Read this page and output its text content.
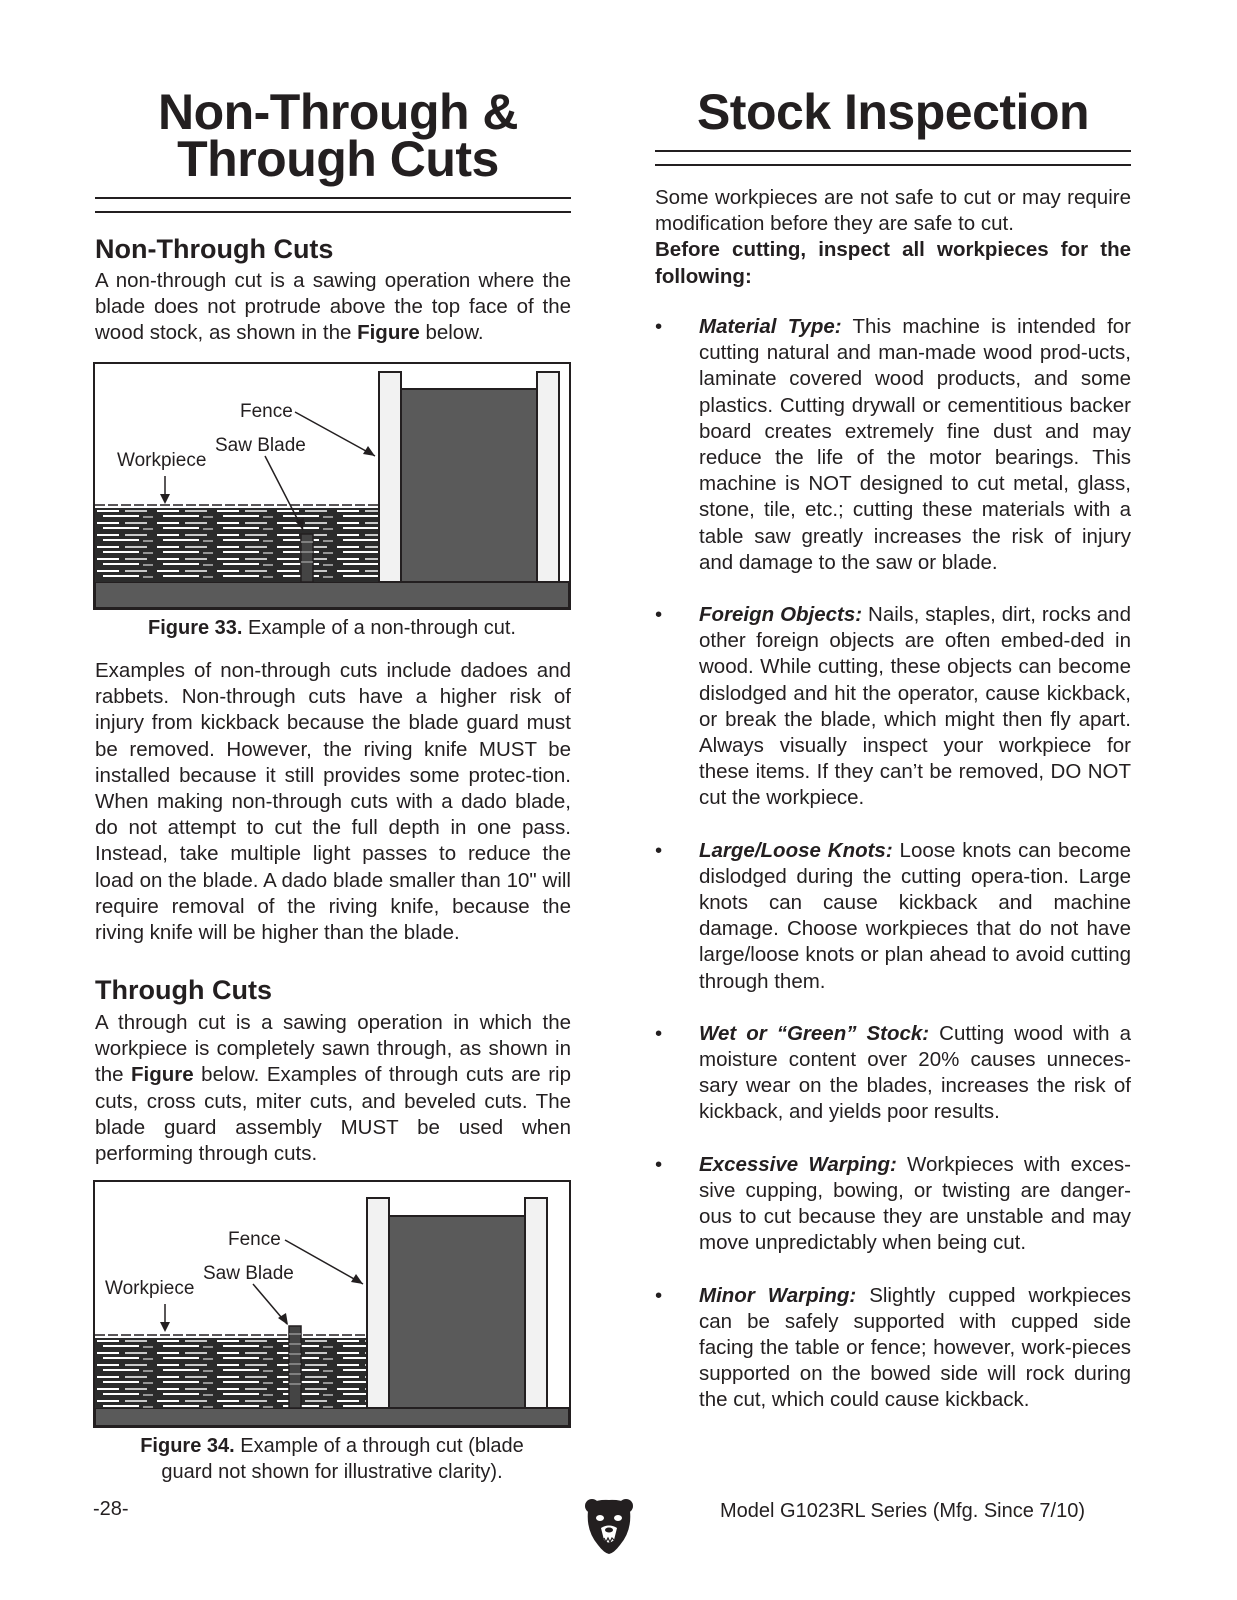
Non-Through &
Through Cuts
Non-Through Cuts

A non-through cut is a sawing operation where the blade does not protrude above the top face of the wood stock, as shown in the Figure below.

Fence
Saw Blade
Workpiece

Figure 33. Example of a non-through cut.

Examples of non-through cuts include dadoes and rabbets. Non-through cuts have a higher risk of injury from kickback because the blade guard must be removed. However, the riving knife MUST be installed because it still provides some protec-tion. When making non-through cuts with a dado blade, do not attempt to cut the full depth in one pass. Instead, take multiple light passes to reduce the load on the blade. A dado blade smaller than 10" will require removal of the riving knife, because the riving knife will be higher than the blade.

Through Cuts

A through cut is a sawing operation in which the workpiece is completely sawn through, as shown in the Figure below. Examples of through cuts are rip cuts, cross cuts, miter cuts, and beveled cuts. The blade guard assembly MUST be used when performing through cuts.

Fence
Saw Blade
Workpiece

Figure 34. Example of a through cut (blade
guard not shown for illustrative clarity).

Stock Inspection

Some workpieces are not safe to cut or may require modification before they are safe to cut.
Before cutting, inspect all workpieces for the following:

• Material Type: This machine is intended for cutting natural and man-made wood prod-ucts, laminate covered wood products, and some plastics. Cutting drywall or cementitious backer board creates extremely fine dust and may reduce the life of the motor bearings. This machine is NOT designed to cut metal, glass, stone, tile, etc.; cutting these materials with a table saw greatly increases the risk of injury and damage to the saw or blade.
• Foreign Objects: Nails, staples, dirt, rocks and other foreign objects are often embed-ded in wood. While cutting, these objects can become dislodged and hit the operator, cause kickback, or break the blade, which might then fly apart. Always visually inspect your workpiece for these items. If they can’t be removed, DO NOT cut the workpiece.
• Large/Loose Knots: Loose knots can become dislodged during the cutting opera-tion. Large knots can cause kickback and machine damage. Choose workpieces that do not have large/loose knots or plan ahead to avoid cutting through them.
• Wet or “Green” Stock: Cutting wood with a moisture content over 20% causes unneces-sary wear on the blades, increases the risk of kickback, and yields poor results.
• Excessive Warping: Workpieces with exces-sive cupping, bowing, or twisting are danger-ous to cut because they are unstable and may move unpredictably when being cut.
• Minor Warping: Slightly cupped workpieces can be safely supported with cupped side facing the table or fence; however, work-pieces supported on the bowed side will rock during the cut, which could cause kickback.
-28-	Model G1023RL Series (Mfg. Since 7/10)
